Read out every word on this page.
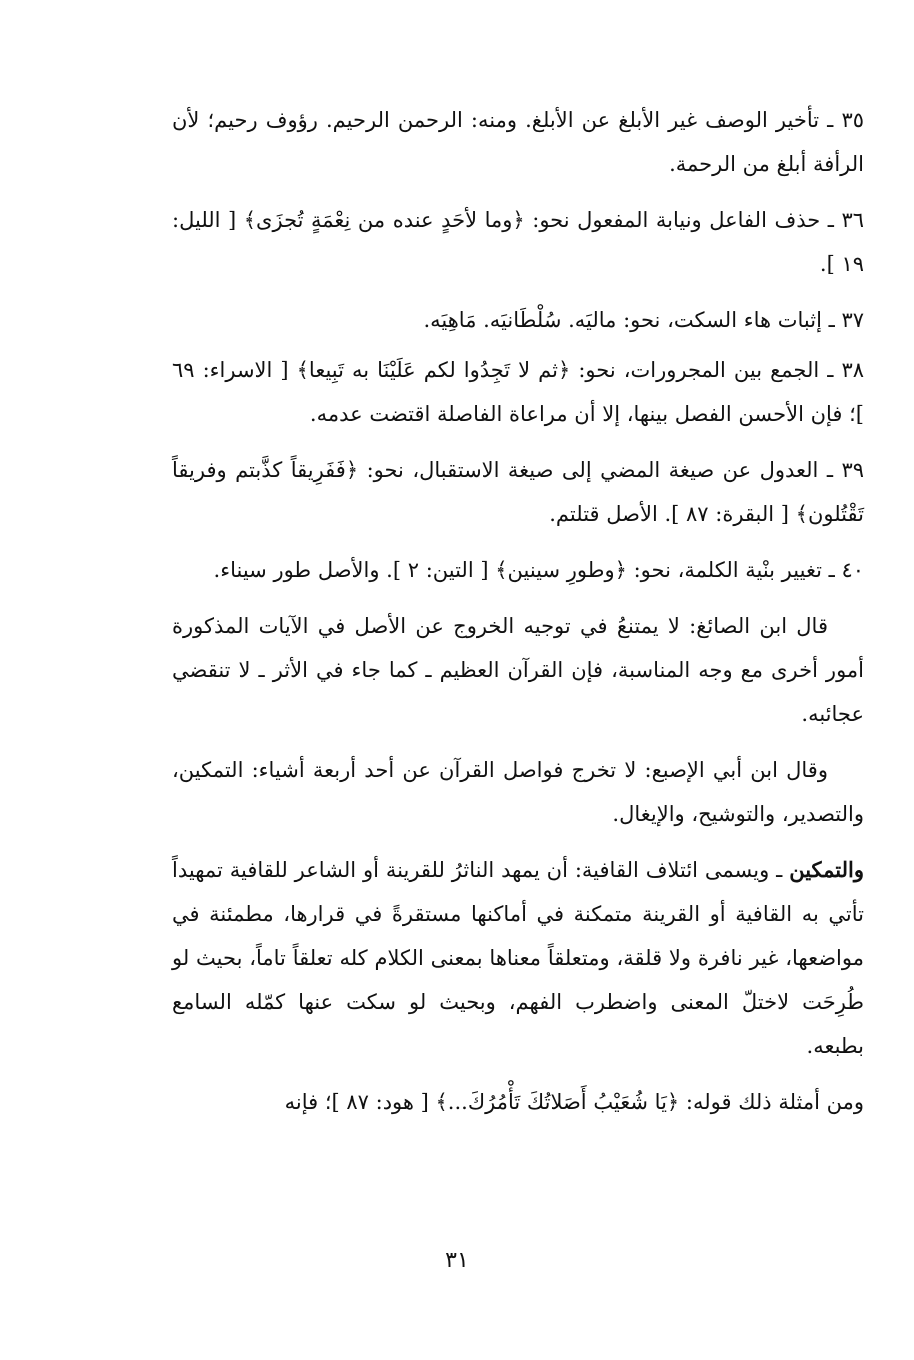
٣٥ ـ تأخير الوصف غير الأبلغ عن الأبلغ. ومنه: الرحمن الرحيم. رؤوف رحيم؛ لأن الرأفة أبلغ من الرحمة.

٣٦ ـ حذف الفاعل ونيابة المفعول نحو: ﴿وما لأحَدٍ عنده من نِعْمَةٍ تُجزَى﴾ [ الليل: ١٩ ].

٣٧ ـ إثبات هاء السكت، نحو: ماليَه. سُلْطَانيَه. مَاهِيَه.

٣٨ ـ الجمع بين المجرورات، نحو: ﴿ثم لا تَجِدُوا لكم عَلَيْنَا به تَبِيعا﴾ [ الاسراء: ٦٩ ]؛ فإن الأحسن الفصل بينها، إلا أن مراعاة الفاصلة اقتضت عدمه.

٣٩ ـ العدول عن صيغة المضي إلى صيغة الاستقبال، نحو: ﴿فَفَرِيقاً كذَّبتم وفريقاً تَقْتُلون﴾ [ البقرة: ٨٧ ]. الأصل قتلتم.

٤٠ ـ تغيير بنْية الكلمة، نحو: ﴿وطورِ سينين﴾ [ التين: ٢ ]. والأصل طور سيناء.

قال ابن الصائغ: لا يمتنعُ في توجيه الخروج عن الأصل في الآيات المذكورة أمور أخرى مع وجه المناسبة، فإن القرآن العظيم ـ كما جاء في الأثر ـ لا تنقضي عجائبه.

وقال ابن أبي الإصبع: لا تخرج فواصل القرآن عن أحد أربعة أشياء: التمكين، والتصدير، والتوشيح، والإيغال.

والتمكين ـ ويسمى ائتلاف القافية: أن يمهد الناثرُ للقرينة أو الشاعر للقافية تمهيداً تأتي به القافية أو القرينة متمكنة في أماكنها مستقرةً في قرارها، مطمئنة في مواضعها، غير نافرة ولا قلقة، ومتعلقاً معناها بمعنى الكلام كله تعلقاً تاماً، بحيث لو طُرِحَت لاختلّ المعنى واضطرب الفهم، وبحيث لو سكت عنها كمّله السامع بطبعه.

ومن أمثلة ذلك قوله: ﴿يَا شُعَيْبُ أَصَلاتُكَ تَأْمُرُكَ...﴾ [ هود: ٨٧ ]؛ فإنه

٣١
